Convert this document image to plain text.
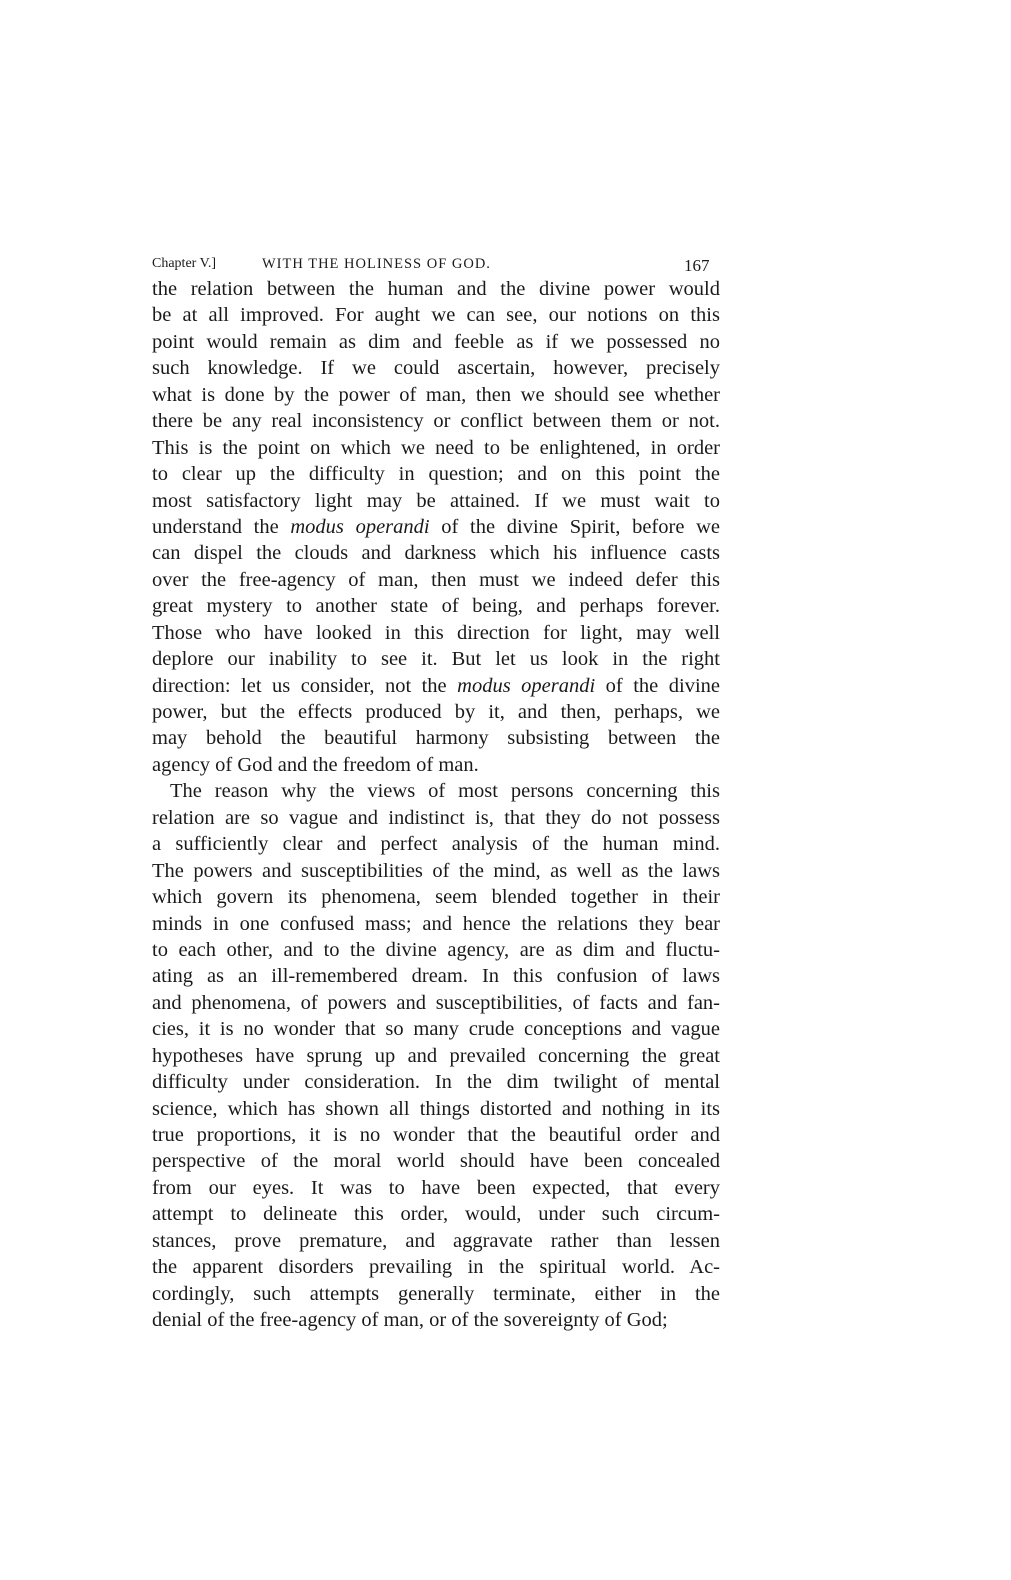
Chapter V.]	WITH THE HOLINESS OF GOD.	167
the relation between the human and the divine power would
be at all improved. For aught we can see, our notions on this
point would remain as dim and feeble as if we possessed no
such knowledge. If we could ascertain, however, precisely
what is done by the power of man, then we should see whether
there be any real inconsistency or conflict between them or not.
This is the point on which we need to be enlightened, in order
to clear up the difficulty in question; and on this point the
most satisfactory light may be attained. If we must wait to
understand the modus operandi of the divine Spirit, before we
can dispel the clouds and darkness which his influence casts
over the free-agency of man, then must we indeed defer this
great mystery to another state of being, and perhaps forever.
Those who have looked in this direction for light, may well
deplore our inability to see it. But let us look in the right
direction: let us consider, not the modus operandi of the divine
power, but the effects produced by it, and then, perhaps, we
may behold the beautiful harmony subsisting between the
agency of God and the freedom of man.
The reason why the views of most persons concerning this
relation are so vague and indistinct is, that they do not possess
a sufficiently clear and perfect analysis of the human mind.
The powers and susceptibilities of the mind, as well as the laws
which govern its phenomena, seem blended together in their
minds in one confused mass; and hence the relations they bear
to each other, and to the divine agency, are as dim and fluctu-
ating as an ill-remembered dream. In this confusion of laws
and phenomena, of powers and susceptibilities, of facts and fan-
cies, it is no wonder that so many crude conceptions and vague
hypotheses have sprung up and prevailed concerning the great
difficulty under consideration. In the dim twilight of mental
science, which has shown all things distorted and nothing in its
true proportions, it is no wonder that the beautiful order and
perspective of the moral world should have been concealed
from our eyes. It was to have been expected, that every
attempt to delineate this order, would, under such circum-
stances, prove premature, and aggravate rather than lessen
the apparent disorders prevailing in the spiritual world. Ac-
cordingly, such attempts generally terminate, either in the
denial of the free-agency of man, or of the sovereignty of God;
